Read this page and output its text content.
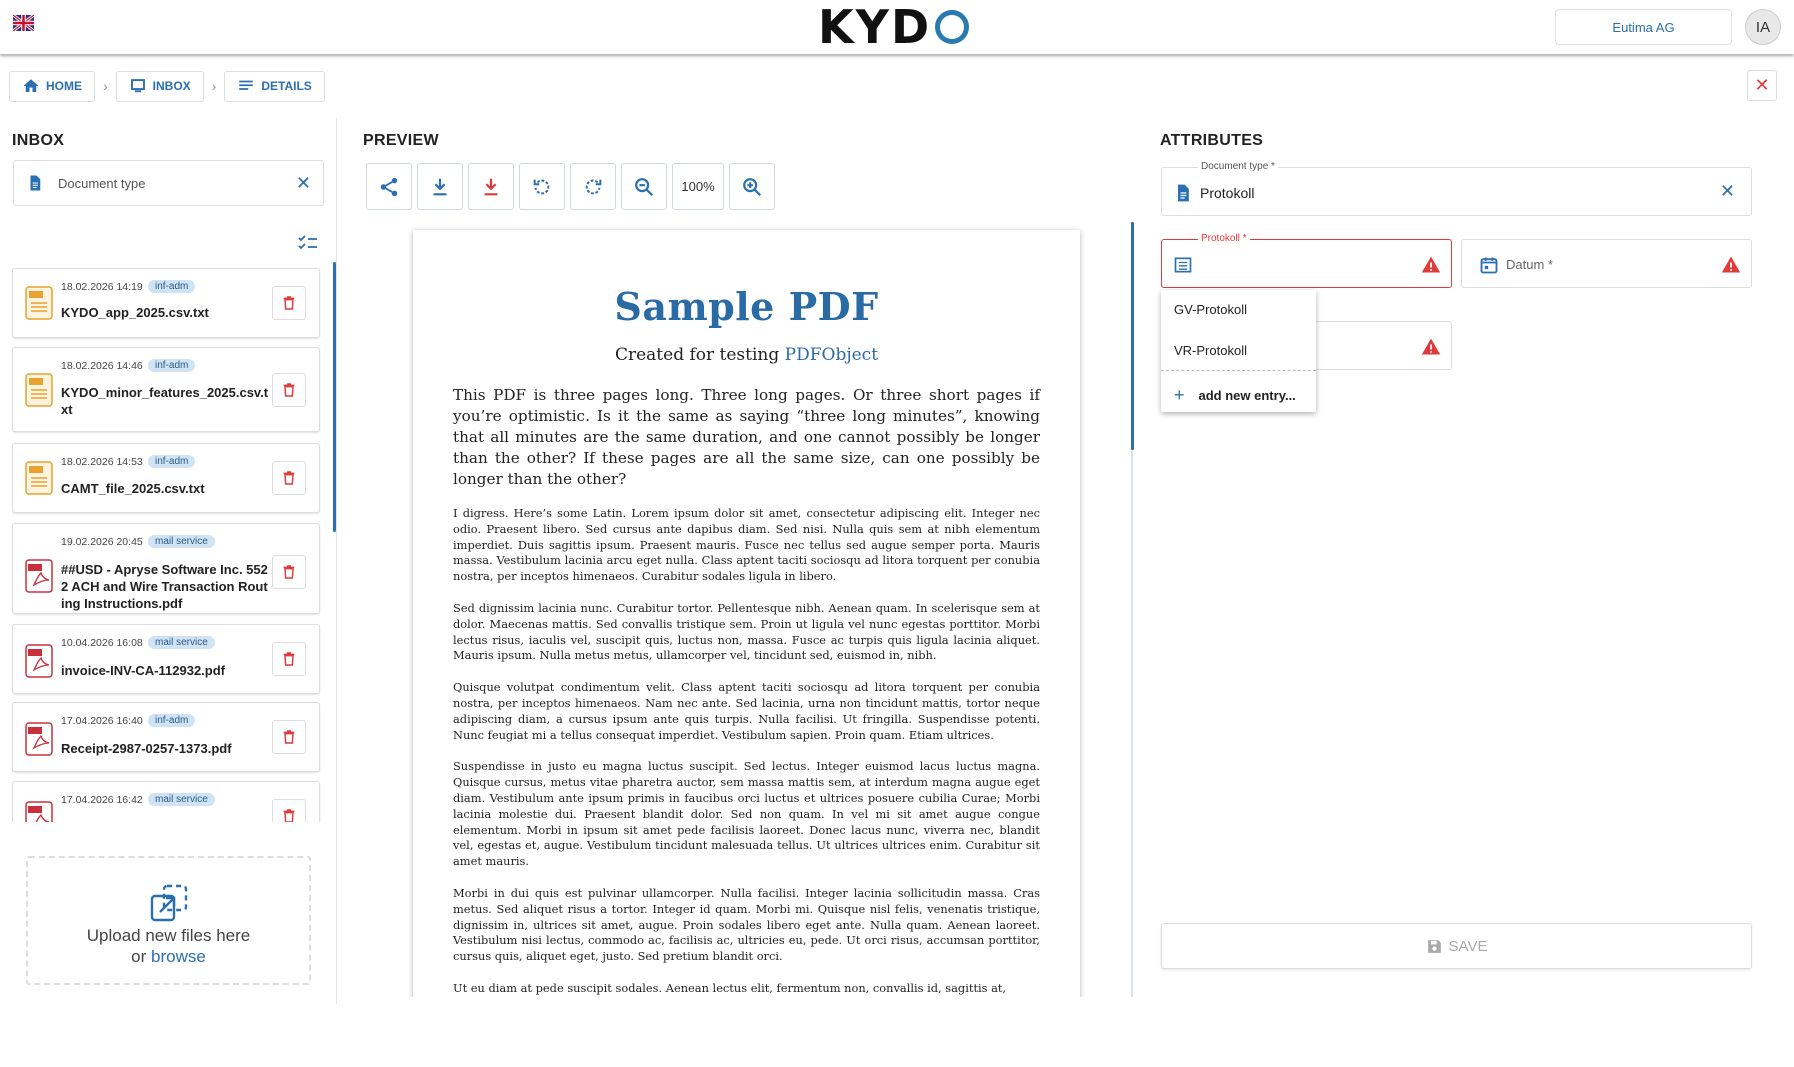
KY D	Eutima AG	IA
HOME ›	INBOX ›	DETAILS	✕
INBOX
Document type	✕
18.02.2026 14:19	inf-adm
KYDO_app_2025.csv.txt
18.02.2026 14:46	inf-adm
KYDO_minor_features_2025.csv.txt
18.02.2026 14:53	inf-adm
CAMT_file_2025.csv.txt
19.02.2026 20:45	mail service
##USD - Apryse Software Inc. 5522 ACH and Wire Transaction Routing Instructions.pdf
10.04.2026 16:08	mail service
invoice-INV-CA-112932.pdf
17.04.2026 16:40	inf-adm
Receipt-2987-0257-1373.pdf
17.04.2026 16:42	mail service
Upload new files here
or browse
PREVIEW
100%
Sample PDF
Created for testing PDFObject
This PDF is three pages long. Three long pages. Or three short pages if you’re optimistic. Is it the same as saying “three long minutes”, knowing that all minutes are the same duration, and one cannot possibly be longer than the other? If these pages are all the same size, can one possibly be longer than the other?
I digress. Here’s some Latin. Lorem ipsum dolor sit amet, consectetur adipiscing elit. Integer nec odio. Praesent libero. Sed cursus ante dapibus diam. Sed nisi. Nulla quis sem at nibh elementum imperdiet. Duis sagittis ipsum. Praesent mauris. Fusce nec tellus sed augue semper porta. Mauris massa. Vestibulum lacinia arcu eget nulla. Class aptent taciti sociosqu ad litora torquent per conubia nostra, per inceptos himenaeos. Curabitur sodales ligula in libero.
Sed dignissim lacinia nunc. Curabitur tortor. Pellentesque nibh. Aenean quam. In scelerisque sem at dolor. Maecenas mattis. Sed convallis tristique sem. Proin ut ligula vel nunc egestas porttitor. Morbi lectus risus, iaculis vel, suscipit quis, luctus non, massa. Fusce ac turpis quis ligula lacinia aliquet. Mauris ipsum. Nulla metus metus, ullamcorper vel, tincidunt sed, euismod in, nibh.
Quisque volutpat condimentum velit. Class aptent taciti sociosqu ad litora torquent per conubia nostra, per inceptos himenaeos. Nam nec ante. Sed lacinia, urna non tincidunt mattis, tortor neque adipiscing diam, a cursus ipsum ante quis turpis. Nulla facilisi. Ut fringilla. Suspendisse potenti. Nunc feugiat mi a tellus consequat imperdiet. Vestibulum sapien. Proin quam. Etiam ultrices.
Suspendisse in justo eu magna luctus suscipit. Sed lectus. Integer euismod lacus luctus magna. Quisque cursus, metus vitae pharetra auctor, sem massa mattis sem, at interdum magna augue eget diam. Vestibulum ante ipsum primis in faucibus orci luctus et ultrices posuere cubilia Curae; Morbi lacinia molestie dui. Praesent blandit dolor. Sed non quam. In vel mi sit amet augue congue elementum. Morbi in ipsum sit amet pede facilisis laoreet. Donec lacus nunc, viverra nec, blandit vel, egestas et, augue. Vestibulum tincidunt malesuada tellus. Ut ultrices ultrices enim. Curabitur sit amet mauris.
Morbi in dui quis est pulvinar ullamcorper. Nulla facilisi. Integer lacinia sollicitudin massa. Cras metus. Sed aliquet risus a tortor. Integer id quam. Morbi mi. Quisque nisl felis, venenatis tristique, dignissim in, ultrices sit amet, augue. Proin sodales libero eget ante. Nulla quam. Aenean laoreet. Vestibulum nisi lectus, commodo ac, facilisis ac, ultricies eu, pede. Ut orci risus, accumsan porttitor, cursus quis, aliquet eget, justo. Sed pretium blandit orci.
Ut eu diam at pede suscipit sodales. Aenean lectus elit, fermentum non, convallis id, sagittis at,
ATTRIBUTES
Document type *
Protokoll	✕
Protokoll *
Datum *
GV-Protokoll
VR-Protokoll
+ add new entry...
SAVE
